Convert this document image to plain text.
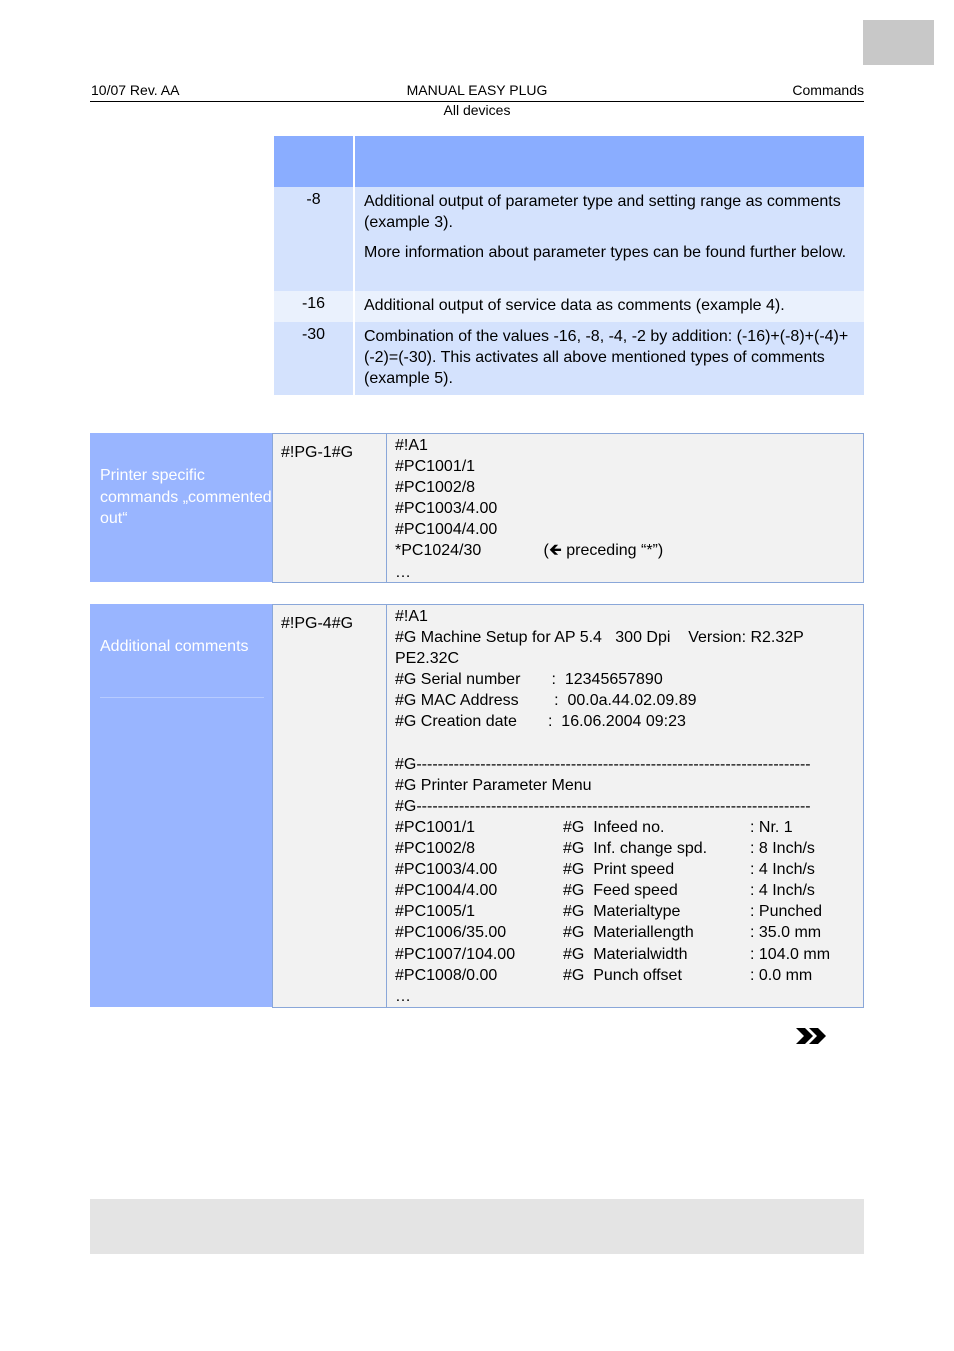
10/07 Rev. AA	MANUAL EASY PLUG	Commands
All devices
-8	Additional output of parameter type and setting range as comments (example 3).

More information about parameter types can be found further below.

-16	Additional output of service data as comments (example 4).

-30	Combination of the values -16, -8, -4, -2 by addition: (-16)+(-8)+(-4)+(-2)=(-30). This activates all above mentioned types of comments (example 5).

Printer specific commands „commented out“
#!PG-1#G	#!A1
#PC1001/1
#PC1002/8
#PC1003/4.00
#PC1004/4.00
*PC1024/30              (🡸 preceding “*”)
…
Additional comments
#!PG-4#G	#!A1
#G Machine Setup for AP 5.4   300 Dpi    Version: R2.32P
PE2.32C
#G Serial number       :  12345657890
#G MAC Address        :  00.0a.44.02.09.89
#G Creation date       :  16.06.2004 09:23
#G--------------------------------------------------------------------------
#G Printer Parameter Menu
#G--------------------------------------------------------------------------
#PC1001/1	#G  Infeed no.	: Nr. 1
#PC1002/8	#G  Inf. change spd.	: 8 Inch/s
#PC1003/4.00	#G  Print speed	: 4 Inch/s
#PC1004/4.00	#G  Feed speed	: 4 Inch/s
#PC1005/1	#G  Materialtype	: Punched
#PC1006/35.00	#G  Materiallength	: 35.0 mm
#PC1007/104.00	#G  Materialwidth	: 104.0 mm
#PC1008/0.00	#G  Punch offset	: 0.0 mm
…
